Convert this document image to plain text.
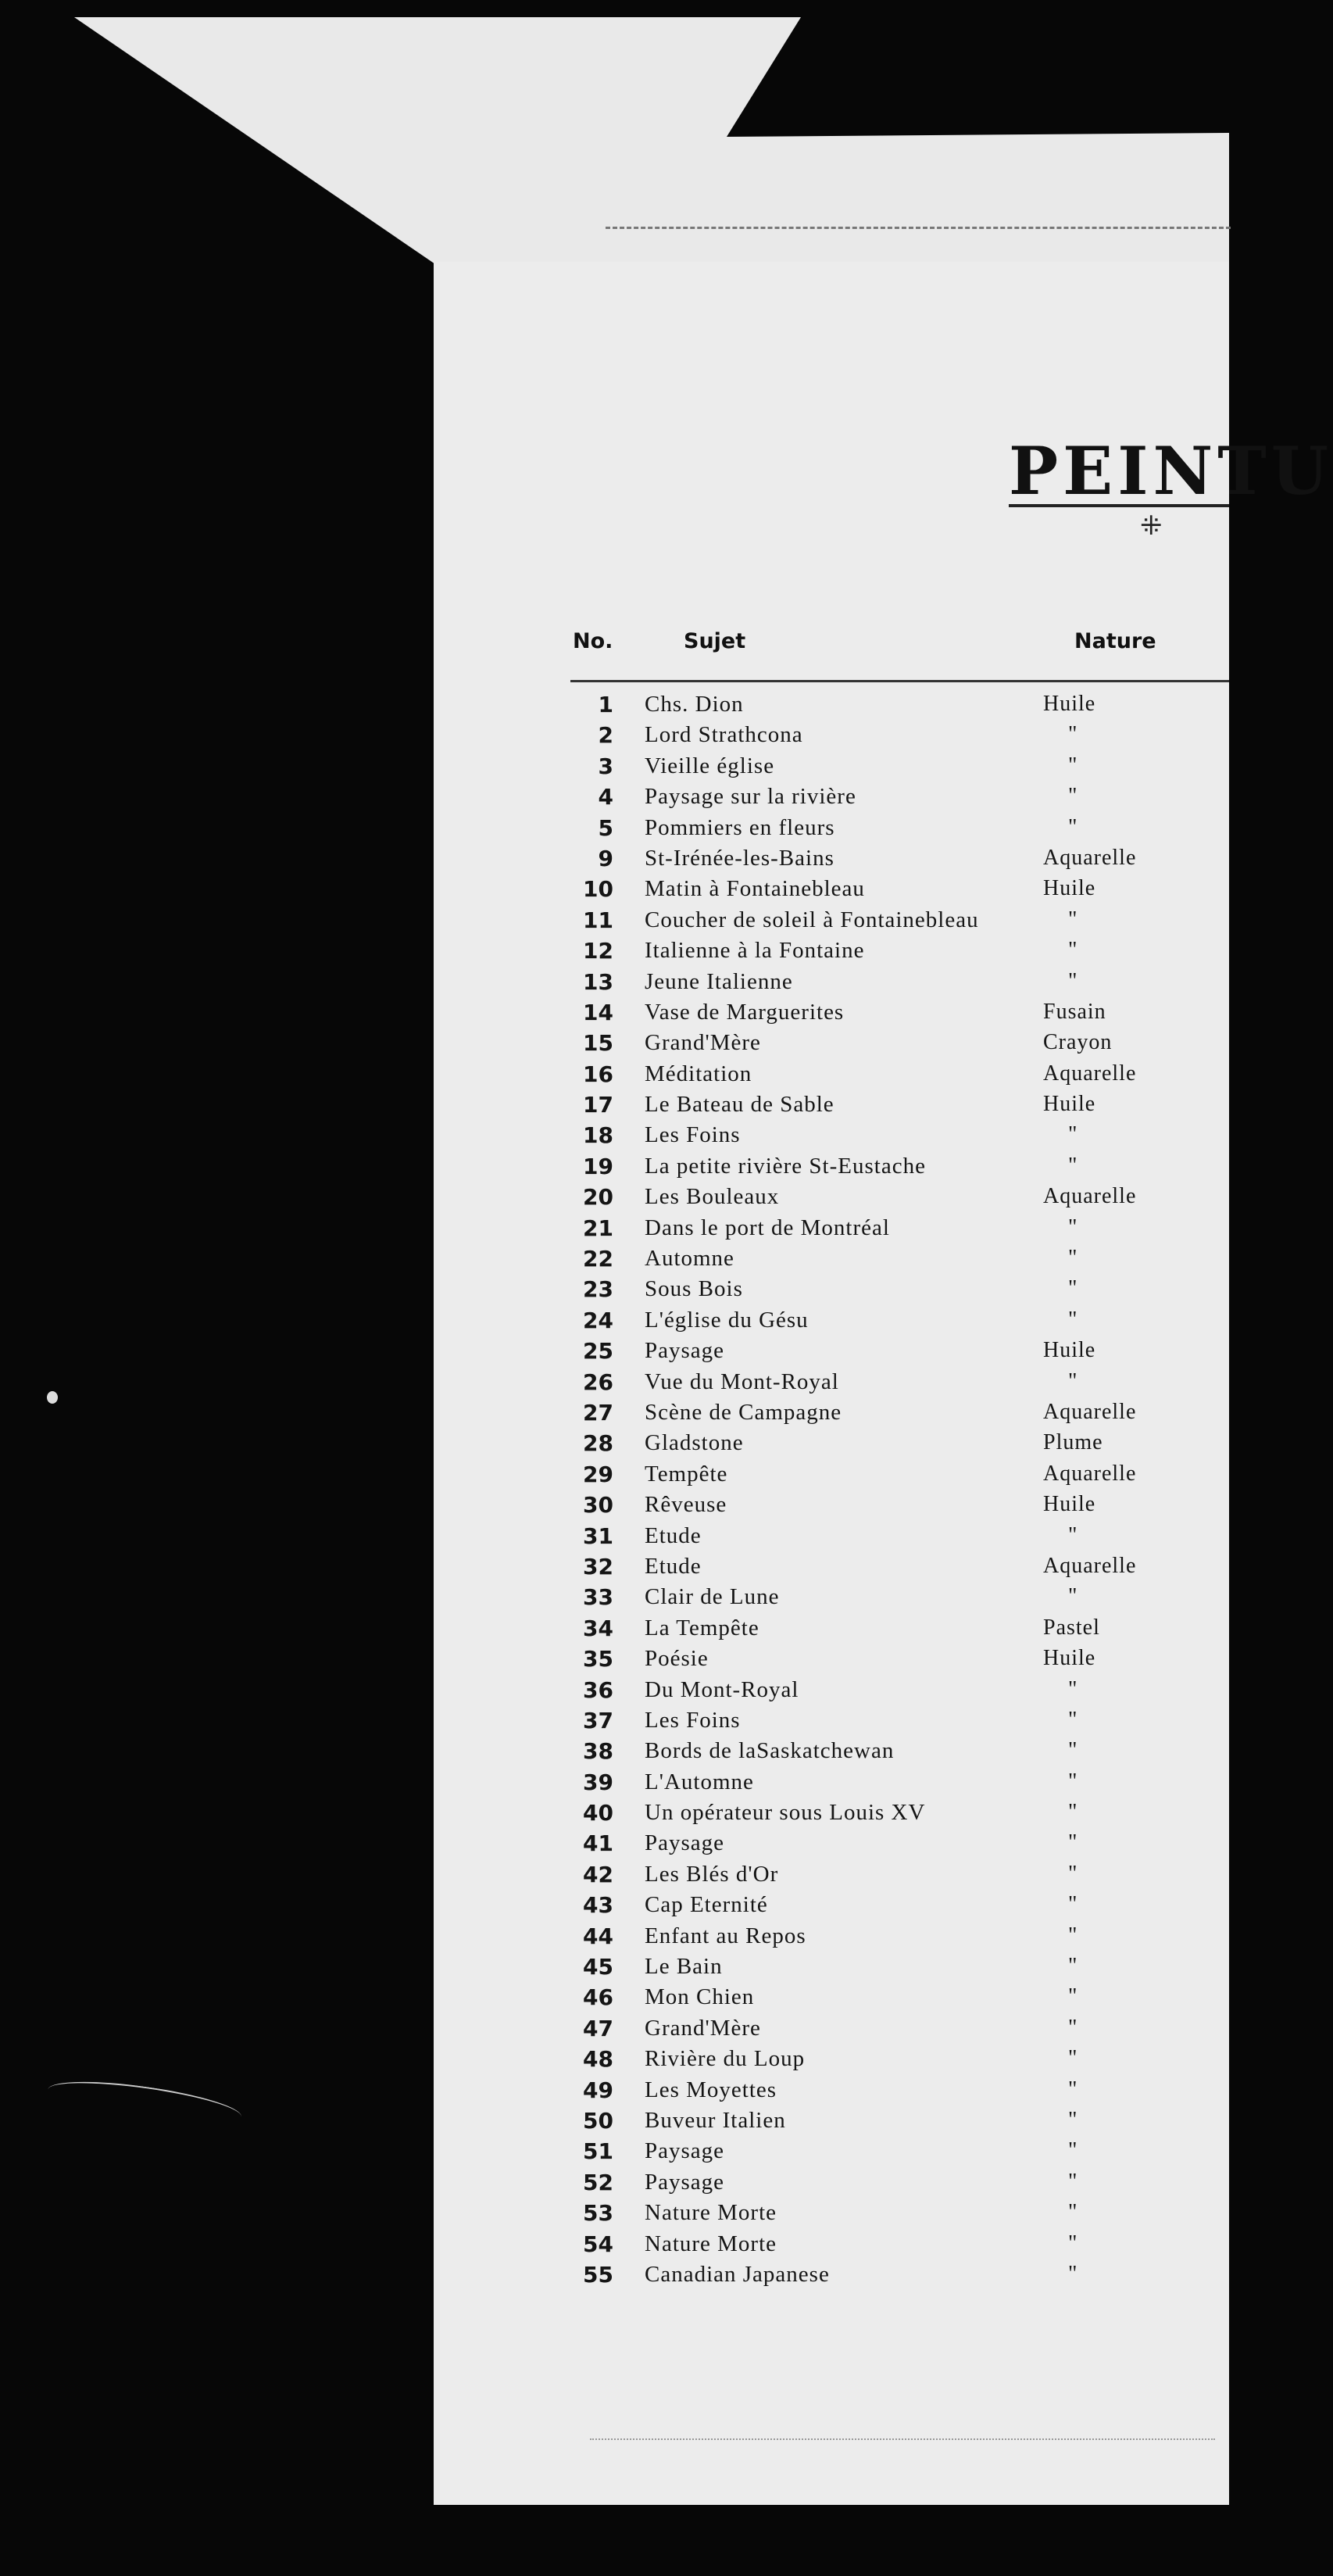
PEINTU
⁜
No.	Sujet	Nature
1 Chs. Dion	Huile
2 Lord Strathcona	"
3 Vieille église	"
4 Paysage sur la rivière	"
5 Pommiers en fleurs	"
9 St-Irénée-les-Bains	Aquarelle
10 Matin à Fontainebleau	Huile
11 Coucher de soleil à Fontainebleau	"
12 Italienne à la Fontaine	"
13 Jeune Italienne	"
14 Vase de Marguerites	Fusain
15 Grand'Mère	Crayon
16 Méditation	Aquarelle
17 Le Bateau de Sable	Huile
18 Les Foins	"
19 La petite rivière St-Eustache	"
20 Les Bouleaux	Aquarelle
21 Dans le port de Montréal	"
22 Automne	"
23 Sous Bois	"
24 L'église du Gésu	"
25 Paysage	Huile
26 Vue du Mont-Royal	"
27 Scène de Campagne	Aquarelle
28 Gladstone	Plume
29 Tempête	Aquarelle
30 Rêveuse	Huile
31 Etude	"
32 Etude	Aquarelle
33 Clair de Lune	"
34 La Tempête	Pastel
35 Poésie	Huile
36 Du Mont-Royal	"
37 Les Foins	"
38 Bords de laSaskatchewan	"
39 L'Automne	"
40 Un opérateur sous Louis XV	"
41 Paysage	"
42 Les Blés d'Or	"
43 Cap Eternité	"
44 Enfant au Repos	"
45 Le Bain	"
46 Mon Chien	"
47 Grand'Mère	"
48 Rivière du Loup	"
49 Les Moyettes	"
50 Buveur Italien	"
51 Paysage	"
52 Paysage	"
53 Nature Morte	"
54 Nature Morte	"
55 Canadian Japanese	"
